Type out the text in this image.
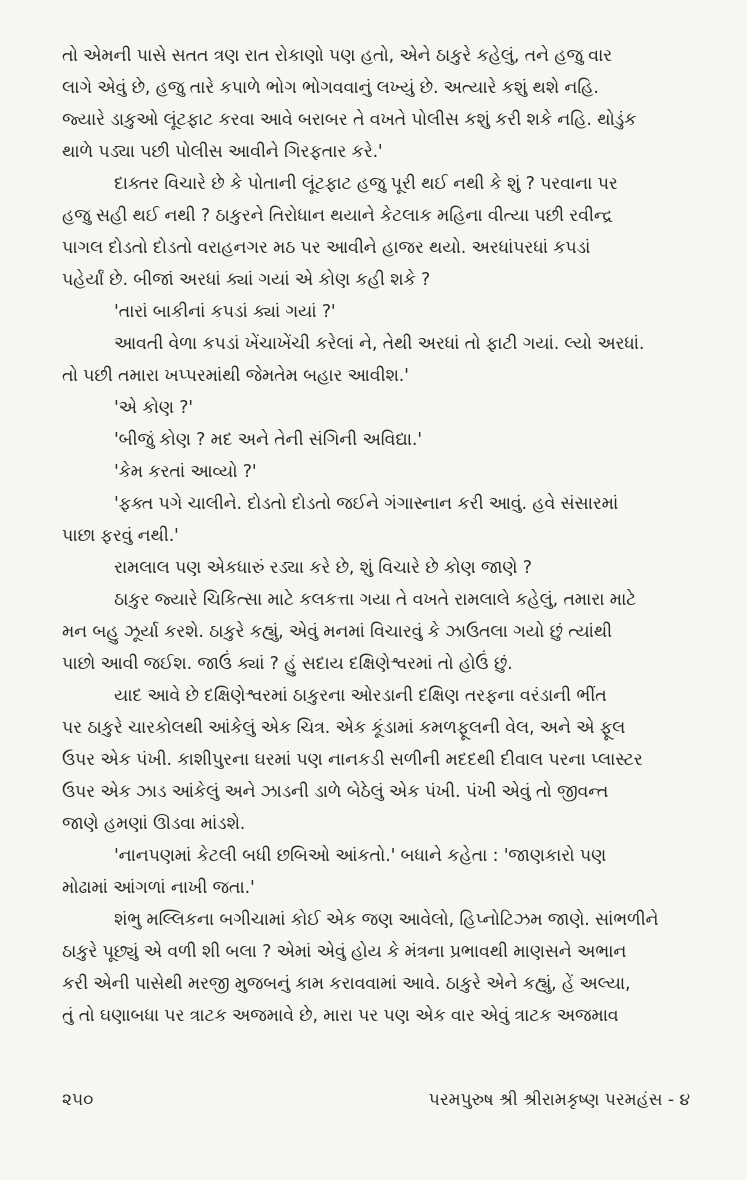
તો એમની પાસે સતત ત્રણ રાત રોકાણો પણ હતો, એને ઠાકુરે કહેલું, તને હજુ વાર
લાગે એવું છે, હજુ તારે કપાળે ભોગ ભોગવવાનું લખ્યું છે. અત્યારે કશું થશે નહિ.
જ્યારે ડાકુઓ લૂંટફાટ કરવા આવે બરાબર તે વખતે પોલીસ કશું કરી શકે નહિ. થોડુંક
થાળે પડ્યા પછી પોલીસ આવીને ગિરફતાર કરે.'
દાક્તર વિચારે છે કે પોતાની લૂંટફાટ હજુ પૂરી થઈ નથી કે શું ? પરવાના પર
હજુ સહી થઈ નથી ? ઠાકુરને તિરોધાન થયાને કેટલાક મહિના વીત્યા પછી રવીન્દ્ર
પાગલ દોડતો દોડતો વરાહનગર મઠ પર આવીને હાજર થયો. અરધાંપરધાં કપડાં
પહેર્યાં છે. બીજાં અરધાં ક્યાં ગયાં એ કોણ કહી શકે ?
'તારાં બાકીનાં કપડાં ક્યાં ગયાં ?'
આવતી વેળા કપડાં ખેંચાખેંચી કરેલાં ને, તેથી અરધાં તો ફાટી ગયાં. લ્યો અરધાં.
તો પછી તમારા ખપ્પરમાંથી જેમતેમ બહાર આવીશ.'
'એ કોણ ?'
'બીજું કોણ ? મદ અને તેની સંગિની અવિદ્યા.'
'કેમ કરતાં આવ્યો ?'
'ફક્ત પગે ચાલીને. દોડતો દોડતો જઈને ગંગાસ્નાન કરી આવું. હવે સંસારમાં
પાછા ફરવું નથી.'
રામલાલ પણ એકધારું રડ્યા કરે છે, શું વિચારે છે કોણ જાણે ?
ઠાકુર જ્યારે ચિકિત્સા માટે કલકત્તા ગયા તે વખતે રામલાલે કહેલું, તમારા માટે
મન બહુ ઝૂર્યા કરશે. ઠાકુરે કહ્યું, એવું મનમાં વિચારવું કે ઝાઉતલા ગયો છું ત્યાંથી
પાછો આવી જઈશ. જાઉં ક્યાં ? હું સદાય દક્ષિણેશ્વરમાં તો હોઉં છું.
યાદ આવે છે દક્ષિણેશ્વરમાં ઠાકુરના ઓરડાની દક્ષિણ તરફના વરંડાની ભીંત
પર ઠાકુરે ચારકોલથી આંકેલું એક ચિત્ર. એક કૂંડામાં કમળફૂલની વેલ, અને એ ફૂલ
ઉપર એક પંખી. કાશીપુરના ઘરમાં પણ નાનકડી સળીની મદદથી દીવાલ પરના પ્લાસ્ટર
ઉપર એક ઝાડ આંકેલું અને ઝાડની ડાળે બેઠેલું એક પંખી. પંખી એવું તો જીવન્ત
જાણે હમણાં ઊડવા માંડશે.
'નાનપણમાં કેટલી બધી છબિઓ આંકતો.' બધાને કહેતા : 'જાણકારો પણ
મોઢામાં આંગળાં નાખી જતા.'
શંભુ મલ્લિકના બગીચામાં કોઈ એક જણ આવેલો, હિપ્નોટિઝમ જાણે. સાંભળીને
ઠાકુરે પૂછ્યું એ વળી શી બલા ? એમાં એવું હોય કે મંત્રના પ્રભાવથી માણસને અભાન
કરી એની પાસેથી મરજી મુજબનું કામ કરાવવામાં આવે. ઠાકુરે એને કહ્યું, હેં અલ્યા,
તું તો ઘણાબધા પર ત્રાટક અજમાવે છે, મારા પર પણ એક વાર એવું ત્રાટક અજમાવ
૨૫૦	પરમપુરુષ શ્રી શ્રીરામકૃષ્ણ પરમહંસ - ૪
